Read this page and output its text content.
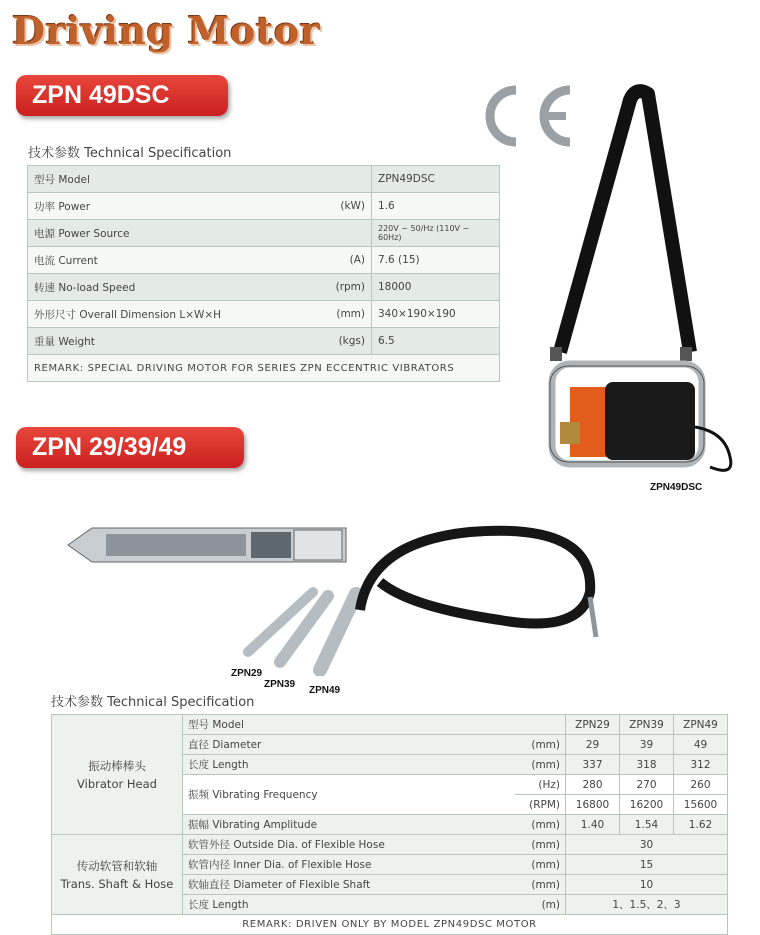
Driving Motor
ZPN 49DSC
技术参数 Technical Specification
型号 Model		ZPN49DSC
功率 Power	(kW)	1.6
电源 Power Source		220V ~ 50/Hz (110V ~ 60Hz)
电流 Current	(A)	7.6 (15)
转速 No-load Speed	(rpm)	18000
外形尺寸 Overall Dimension L×W×H	(mm)	340×190×190
重量 Weight	(kgs)	6.5
REMARK: SPECIAL DRIVING MOTOR FOR SERIES ZPN ECCENTRIC VIBRATORS		
ZPN49DSC
ZPN 29/39/49
ZPN29
ZPN39
ZPN49
技术参数 Technical Specification
振动棒棒头
Vibrator Head	型号 Model		ZPN29	ZPN39	ZPN49
	直径 Diameter	(mm)	29	39	49
	长度 Length	(mm)	337	318	312
	振频 Vibrating Frequency	(Hz)	280	270	260
		(RPM)	16800	16200	15600
	振幅 Vibrating Amplitude	(mm)	1.40	1.54	1.62

传动软管和软轴
Trans. Shaft & Hose	软管外径 Outside Dia. of Flexible Hose	(mm)	30		
	软管内径 Inner Dia. of Flexible Hose	(mm)	15		
	软轴直径 Diameter of Flexible Shaft	(mm)	10		
	长度 Length	(m)	1、1.5、2、3		
REMARK: DRIVEN ONLY BY MODEL ZPN49DSC MOTOR					
